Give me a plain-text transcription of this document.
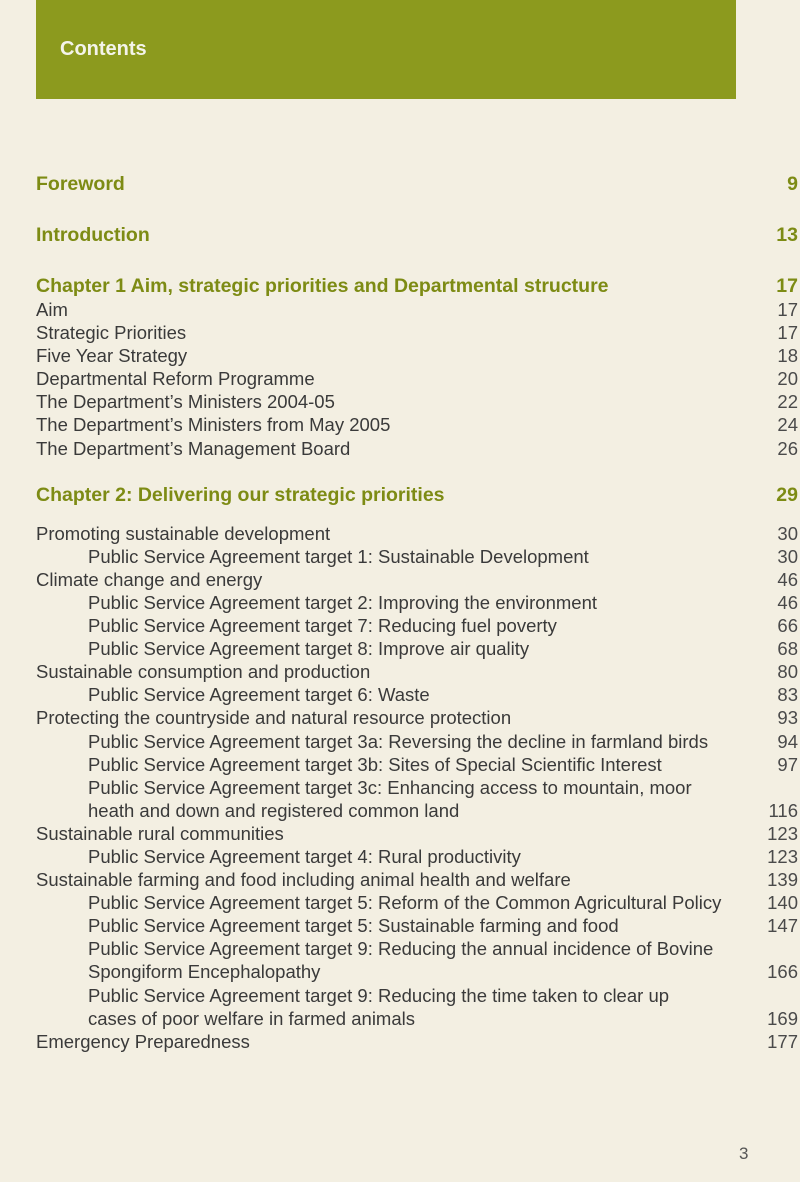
Contents
Foreword	9
Introduction	13
Chapter 1 Aim, strategic priorities and Departmental structure	17
Aim	17
Strategic Priorities	17
Five Year Strategy	18
Departmental Reform Programme	20
The Department’s Ministers 2004-05	22
The Department’s Ministers from May 2005	24
The Department’s Management Board	26
Chapter 2: Delivering our strategic priorities	29
Promoting sustainable development	30
Public Service Agreement target 1: Sustainable Development	30
Climate change and energy	46
Public Service Agreement target 2: Improving the environment	46
Public Service Agreement target 7: Reducing fuel poverty	66
Public Service Agreement target 8: Improve air quality	68
Sustainable consumption and production	80
Public Service Agreement target 6: Waste	83
Protecting the countryside and natural resource protection	93
Public Service Agreement target 3a: Reversing the decline in farmland birds	94
Public Service Agreement target 3b: Sites of Special Scientific Interest	97
Public Service Agreement target 3c: Enhancing access to mountain, moor heath and down and registered common land	116
Sustainable rural communities	123
Public Service Agreement target 4: Rural productivity	123
Sustainable farming and food including animal health and welfare	139
Public Service Agreement target 5: Reform of the Common Agricultural Policy	140
Public Service Agreement target 5: Sustainable farming and food	147
Public Service Agreement target 9: Reducing the annual incidence of Bovine Spongiform Encephalopathy	166
Public Service Agreement target 9: Reducing the time taken to clear up cases of poor welfare in farmed animals	169
Emergency Preparedness	177
3
